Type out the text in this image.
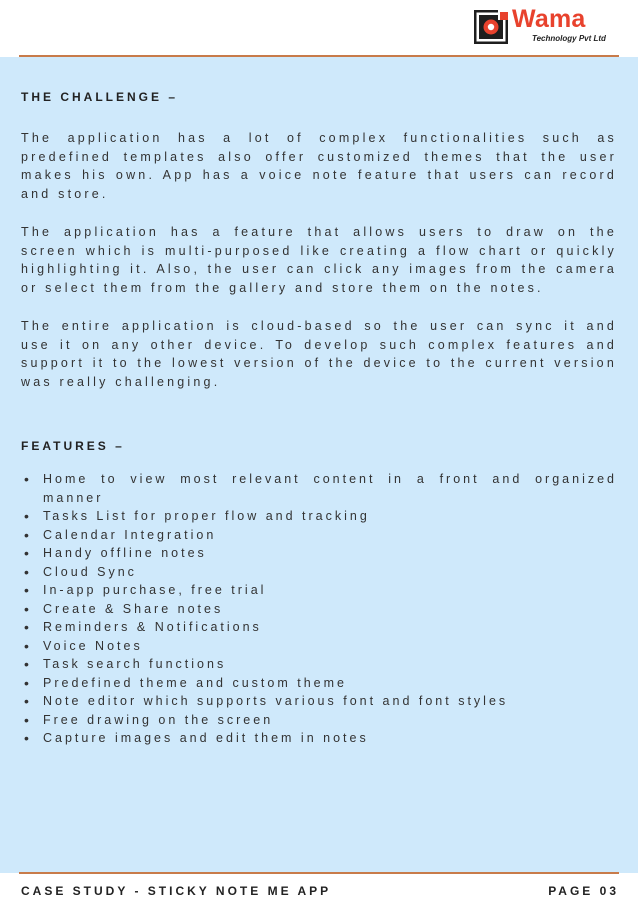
Wama
Technology Pvt Ltd
THE CHALLENGE –

The application has a lot of complex functionalities such as predefined templates also offer customized themes that the user makes his own. App has a voice note feature that users can record and store.

The application has a feature that allows users to draw on the screen which is multi-purposed like creating a flow chart or quickly highlighting it. Also, the user can click any images from the camera or select them from the gallery and store them on the notes.

The entire application is cloud-based so the user can sync it and use it on any other device. To develop such complex features and support it to the lowest version of the device to the current version was really challenging.

FEATURES –
• Home to view most relevant content in a front and organized manner
• Tasks List for proper flow and tracking
• Calendar Integration
• Handy offline notes
• Cloud Sync
• In-app purchase, free trial
• Create & Share notes
• Reminders & Notifications
• Voice Notes
• Task search functions
• Predefined theme and custom theme
• Note editor which supports various font and font styles
• Free drawing on the screen
• Capture images and edit them in notes
CASE STUDY - STICKY NOTE ME APP	PAGE 03
